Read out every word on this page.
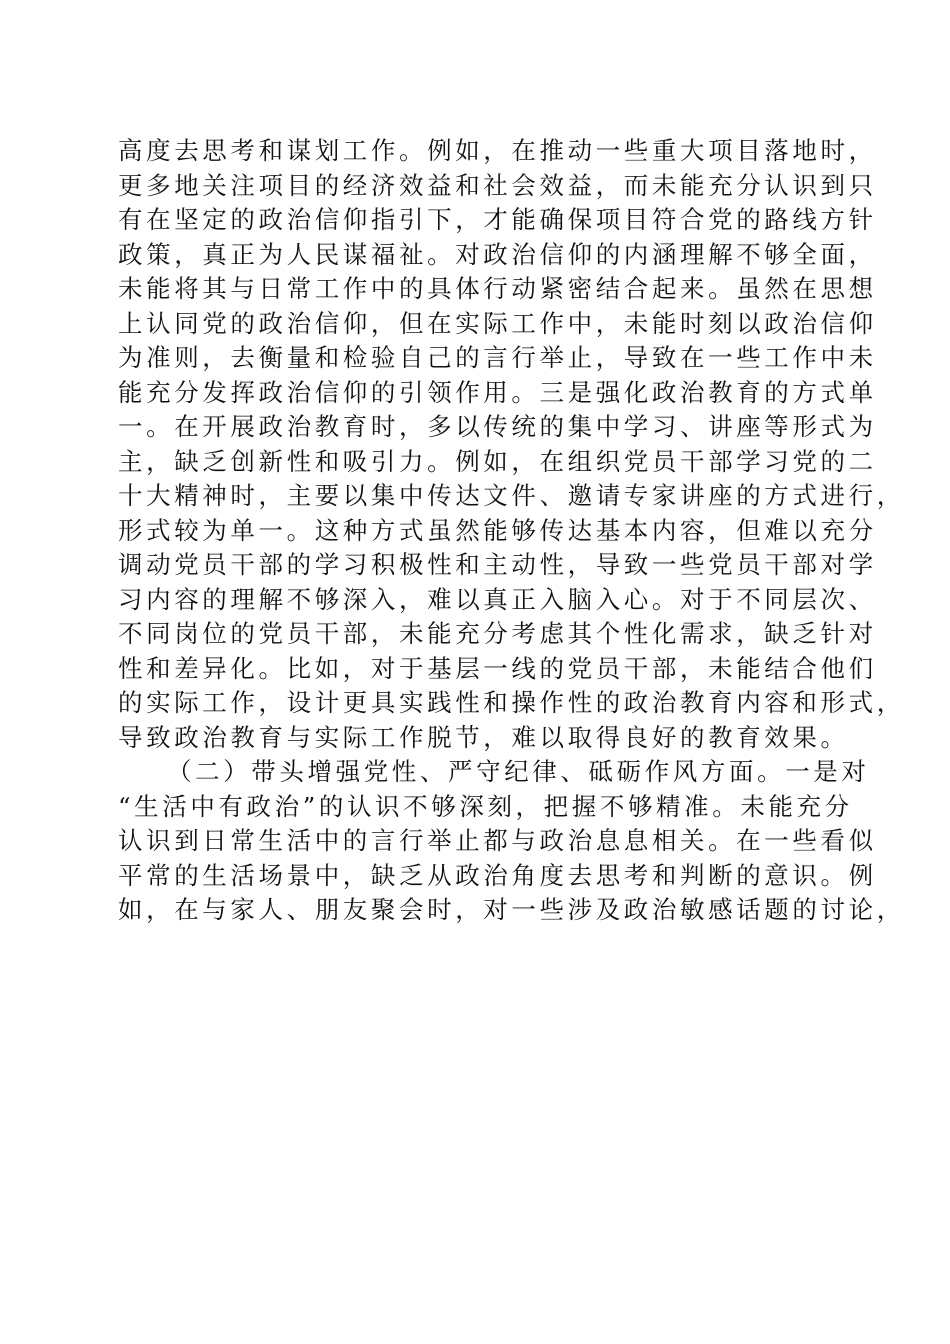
高度去思考和谋划工作。例如，在推动一些重大项目落地时，
更多地关注项目的经济效益和社会效益，而未能充分认识到只
有在坚定的政治信仰指引下，才能确保项目符合党的路线方针
政策，真正为人民谋福祉。对政治信仰的内涵理解不够全面，
未能将其与日常工作中的具体行动紧密结合起来。虽然在思想
上认同党的政治信仰，但在实际工作中，未能时刻以政治信仰
为准则，去衡量和检验自己的言行举止，导致在一些工作中未
能充分发挥政治信仰的引领作用。三是强化政治教育的方式单
一。在开展政治教育时，多以传统的集中学习、讲座等形式为
主，缺乏创新性和吸引力。例如，在组织党员干部学习党的二
十大精神时，主要以集中传达文件、邀请专家讲座的方式进行，
形式较为单一。这种方式虽然能够传达基本内容，但难以充分
调动党员干部的学习积极性和主动性，导致一些党员干部对学
习内容的理解不够深入，难以真正入脑入心。对于不同层次、
不同岗位的党员干部，未能充分考虑其个性化需求，缺乏针对
性和差异化。比如，对于基层一线的党员干部，未能结合他们
的实际工作，设计更具实践性和操作性的政治教育内容和形式，
导致政治教育与实际工作脱节，难以取得良好的教育效果。
（二）带头增强党性、严守纪律、砥砺作风方面。一是对
“生活中有政治”的认识不够深刻，把握不够精准。未能充分
认识到日常生活中的言行举止都与政治息息相关。在一些看似
平常的生活场景中，缺乏从政治角度去思考和判断的意识。例
如，在与家人、朋友聚会时，对一些涉及政治敏感话题的讨论，
